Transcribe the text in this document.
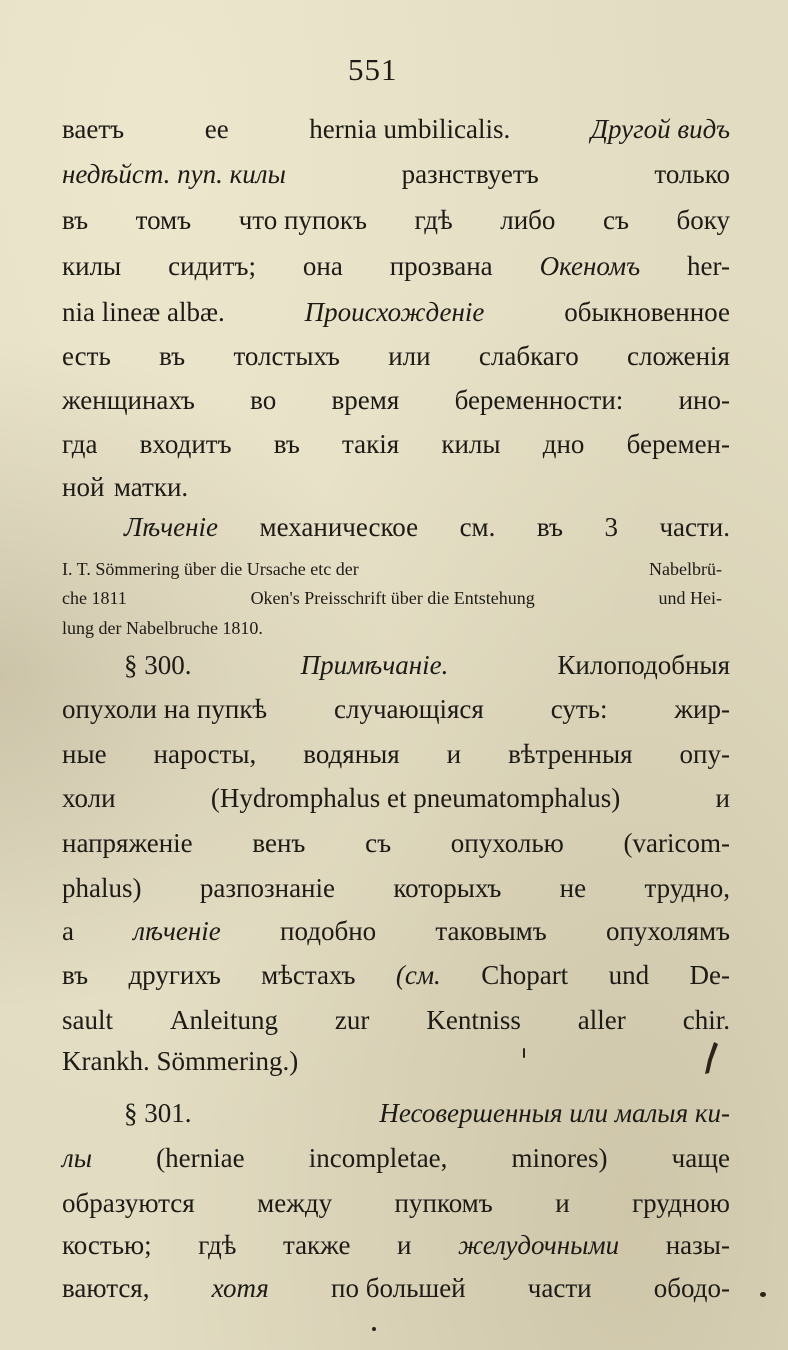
551
ваетъ	ее	hernia umbilicalis.	Другой видъ
недѣйст. пуп. килы	разнствуетъ	только
въ томъ что пупокъ гдѣ либо съ боку
килы сидитъ; она прозвана Океномъ her-
nia lineæ albæ.	Происхожденіе	обыкновенное
есть въ толстыхъ или слабкаго сложенія
женщинахъ во время беременности: ино-
гда входитъ въ такія килы дно беремен-
ной матки.
Лѣченіе механическое см. въ 3 части.
I. T. Sömmering über die Ursache etc der	Nabelbrü-
che 1811	Oken's Preisschrift über die Entstehung	und Hei-
lung der Nabelbruche 1810.
§ 300.	Примѣчаніе.	Килоподобныя
опухоли на пупкѣ случающіяся суть: жир-
ные наросты, водяныя и вѣтренныя опу-
холи	(Hydromphalus et pneumatomphalus)	и
напряженіе венъ съ опухолью (varicom-
phalus) разпознаніе которыхъ не трудно,
а лѣченіе подобно таковымъ опухолямъ
въ другихъ мѣстахъ (см. Chopart und De-
sault Anleitung zur Kentniss aller chir.
Krankh. Sömmering.)
§ 301.	Несовершенныя или малыя ки-
лы (herniae incompletae, minores) чаще
образуются между пупкомъ и грудною
костью; гдѣ также и желудочными назы-
ваются, хотя по большей части ободо-
